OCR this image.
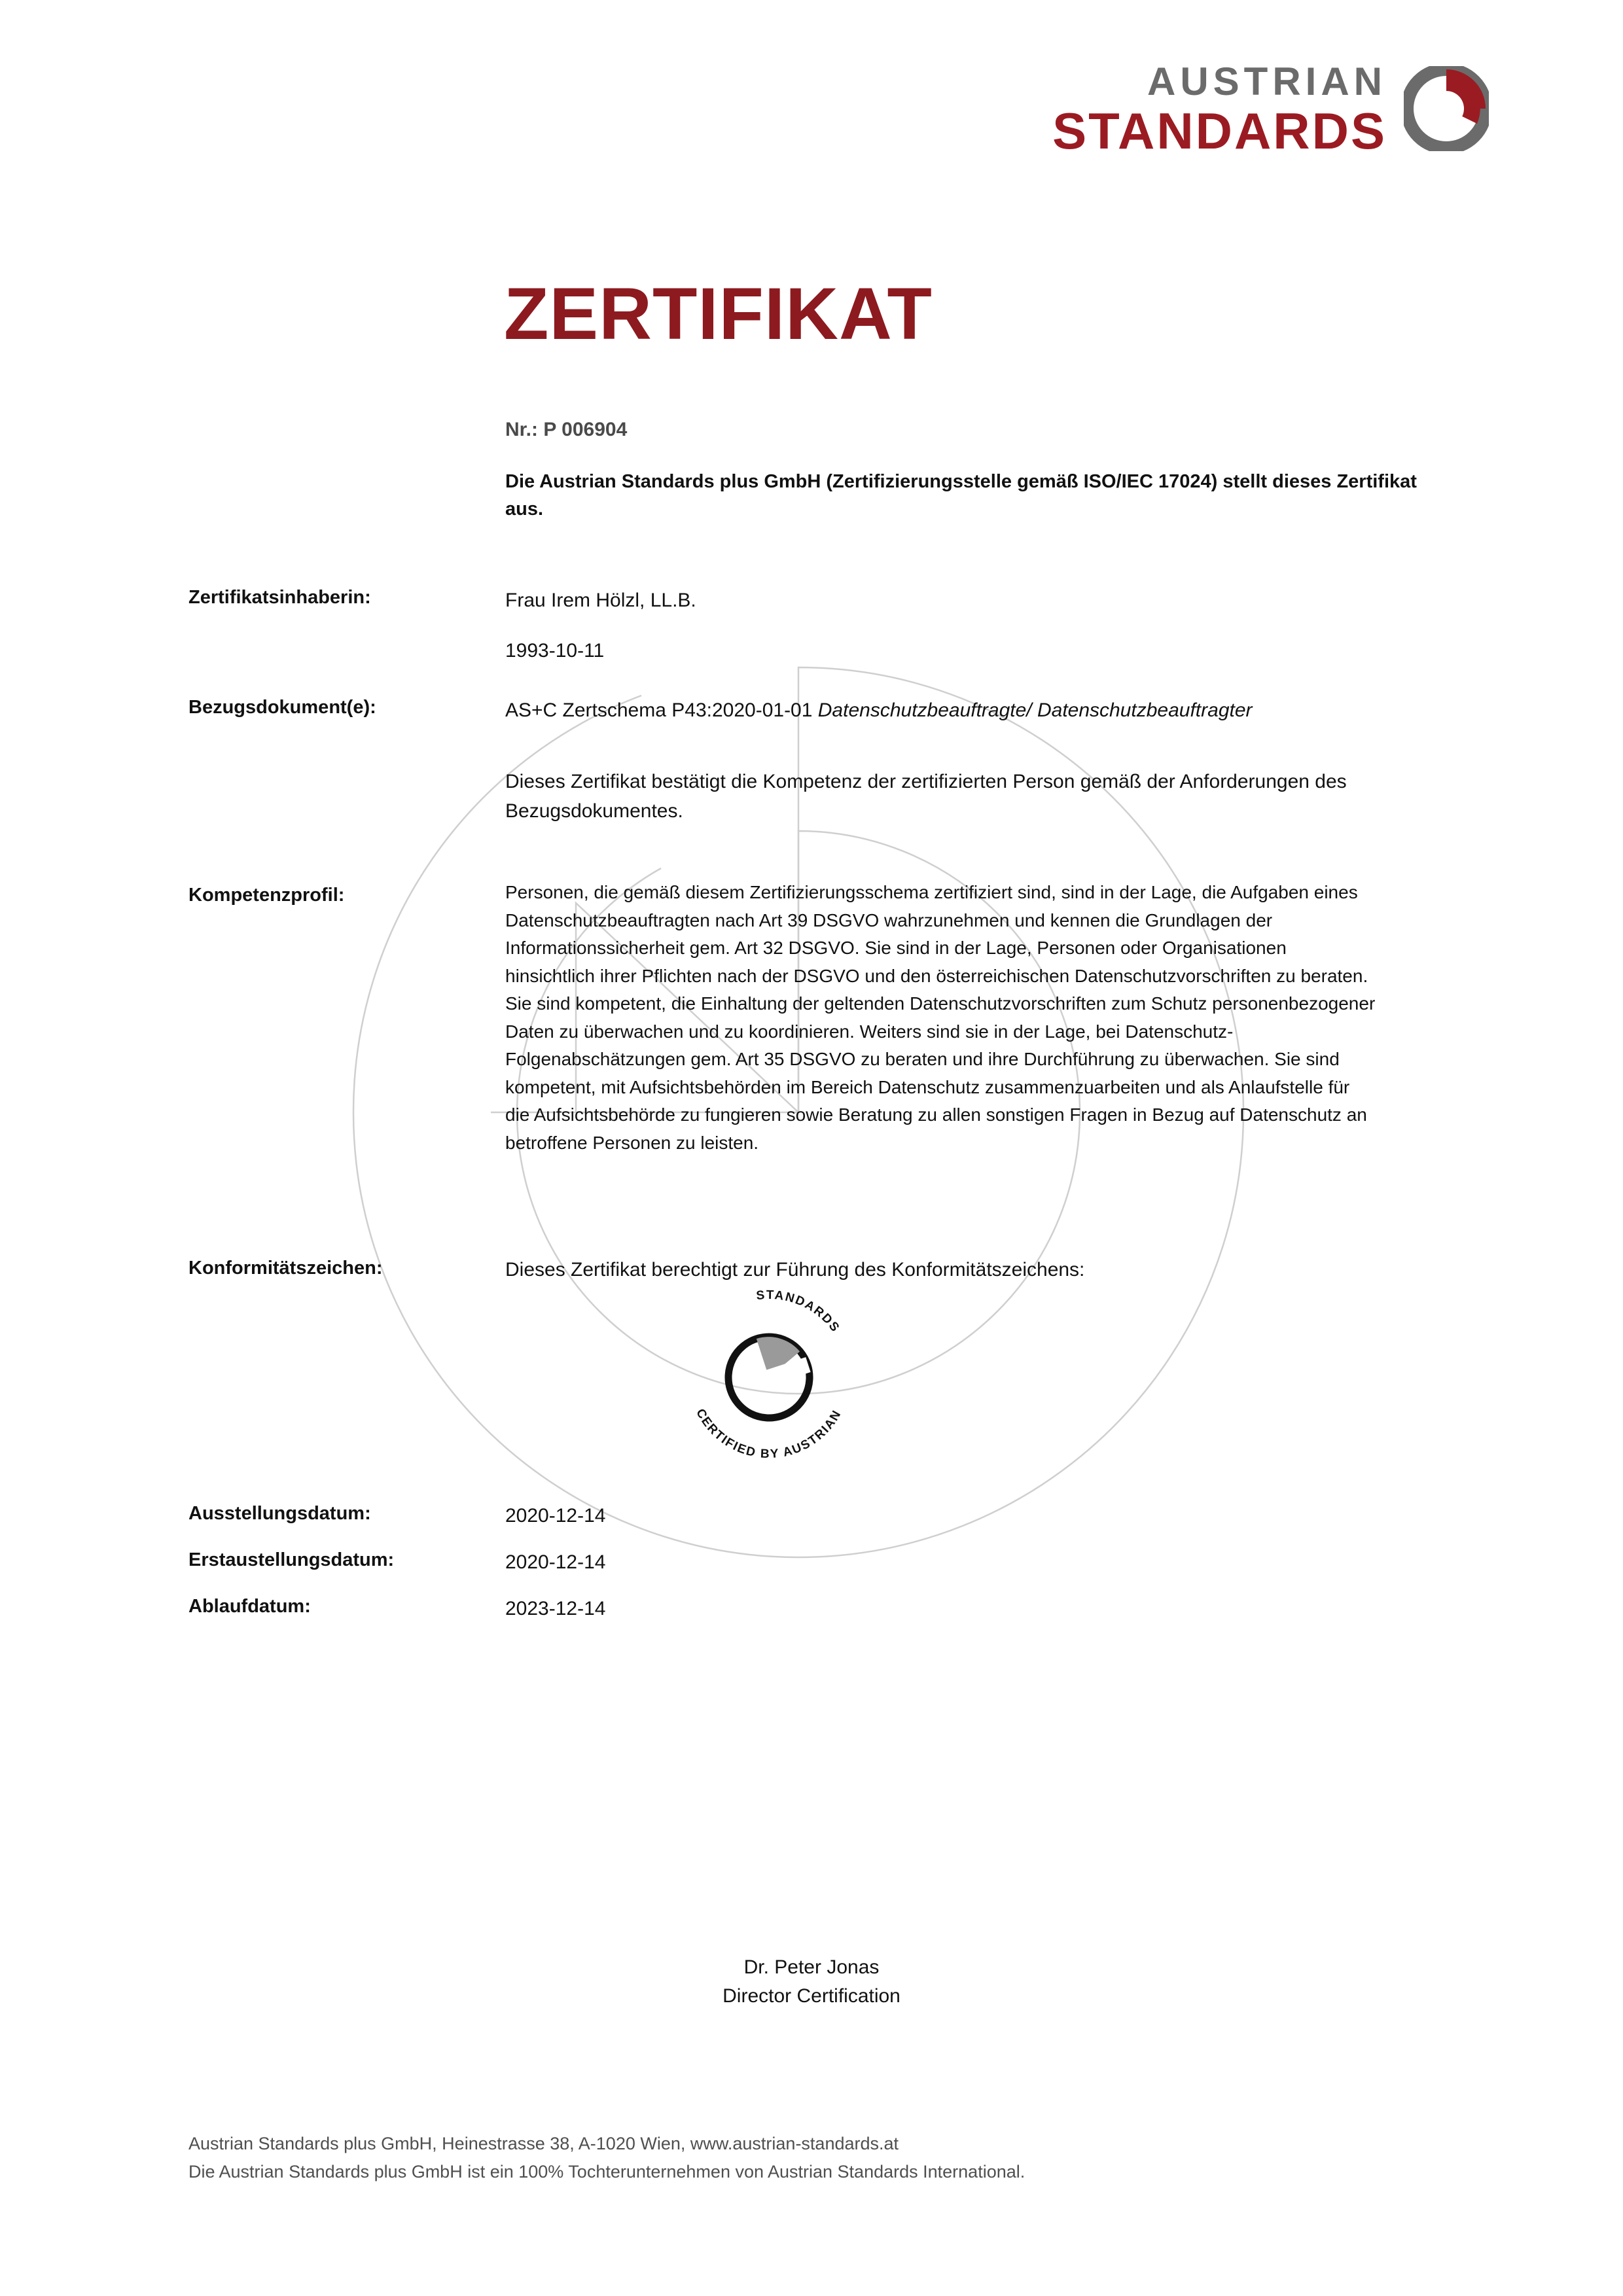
AUSTRIAN
STANDARDS
ZERTIFIKAT
Nr.: P 006904
Die Austrian Standards plus GmbH (Zertifizierungsstelle gemäß ISO/IEC 17024) stellt dieses Zertifikat aus.
Zertifikatsinhaberin:	Frau Irem Hölzl, LL.B.
1993-10-11
Bezugsdokument(e):	AS+C Zertschema P43:2020-01-01 Datenschutzbeauftragte/ Datenschutzbeauftragter
Dieses Zertifikat bestätigt die Kompetenz der zertifizierten Person gemäß der Anforderungen des Bezugsdokumentes.
Kompetenzprofil:	Personen, die gemäß diesem Zertifizierungsschema zertifiziert sind, sind in der Lage, die Aufgaben eines Datenschutzbeauftragten nach Art 39 DSGVO wahrzunehmen und kennen die Grundlagen der Informationssicherheit gem. Art 32 DSGVO. Sie sind in der Lage, Personen oder Organisationen hinsichtlich ihrer Pflichten nach der DSGVO und den österreichischen Datenschutzvorschriften zu beraten. Sie sind kompetent, die Einhaltung der geltenden Datenschutzvorschriften zum Schutz personenbezogener Daten zu überwachen und zu koordinieren. Weiters sind sie in der Lage, bei Datenschutz-Folgenabschätzungen gem. Art 35 DSGVO zu beraten und ihre Durchführung zu überwachen. Sie sind kompetent, mit Aufsichtsbehörden im Bereich Datenschutz zusammenzuarbeiten und als Anlaufstelle für die Aufsichtsbehörde zu fungieren sowie Beratung zu allen sonstigen Fragen in Bezug auf Datenschutz an betroffene Personen zu leisten.
Konformitätszeichen:	Dieses Zertifikat berechtigt zur Führung des Konformitätszeichens:
CERTIFIED BY AUSTRIAN
STANDARDS
Ausstellungsdatum:	2020-12-14
Erstaustellungsdatum:	2020-12-14
Ablaufdatum:	2023-12-14
Dr. Peter Jonas
Director Certification
Austrian Standards plus GmbH, Heinestrasse 38, A-1020 Wien, www.austrian-standards.at
Die Austrian Standards plus GmbH ist ein 100% Tochterunternehmen von Austrian Standards International.
